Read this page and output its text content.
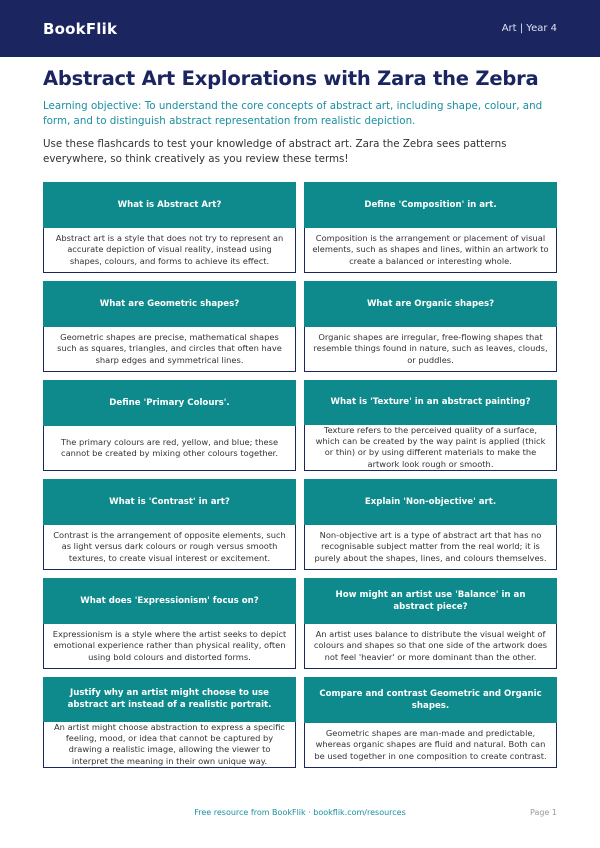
BookFlik	Art | Year 4
Abstract Art Explorations with Zara the Zebra

Learning objective: To understand the core concepts of abstract art, including shape, colour, and form, and to distinguish abstract representation from realistic depiction.

Use these flashcards to test your knowledge of abstract art. Zara the Zebra sees patterns everywhere, so think creatively as you review these terms!

What is Abstract Art?
Abstract art is a style that does not try to represent an accurate depiction of visual reality, instead using shapes, colours, and forms to achieve its effect.
Define 'Composition' in art.
Composition is the arrangement or placement of visual elements, such as shapes and lines, within an artwork to create a balanced or interesting whole.
What are Geometric shapes?
Geometric shapes are precise, mathematical shapes such as squares, triangles, and circles that often have sharp edges and symmetrical lines.
What are Organic shapes?
Organic shapes are irregular, free-flowing shapes that resemble things found in nature, such as leaves, clouds, or puddles.
Define 'Primary Colours'.
The primary colours are red, yellow, and blue; these cannot be created by mixing other colours together.
What is 'Texture' in an abstract painting?
Texture refers to the perceived quality of a surface, which can be created by the way paint is applied (thick or thin) or by using different materials to make the artwork look rough or smooth.
What is 'Contrast' in art?
Contrast is the arrangement of opposite elements, such as light versus dark colours or rough versus smooth textures, to create visual interest or excitement.
Explain 'Non-objective' art.
Non-objective art is a type of abstract art that has no recognisable subject matter from the real world; it is purely about the shapes, lines, and colours themselves.
What does 'Expressionism' focus on?
Expressionism is a style where the artist seeks to depict emotional experience rather than physical reality, often using bold colours and distorted forms.
How might an artist use 'Balance' in an abstract piece?
An artist uses balance to distribute the visual weight of colours and shapes so that one side of the artwork does not feel 'heavier' or more dominant than the other.
Justify why an artist might choose to use abstract art instead of a realistic portrait.
An artist might choose abstraction to express a specific feeling, mood, or idea that cannot be captured by drawing a realistic image, allowing the viewer to interpret the meaning in their own unique way.
Compare and contrast Geometric and Organic shapes.
Geometric shapes are man-made and predictable, whereas organic shapes are fluid and natural. Both can be used together in one composition to create contrast.
Free resource from BookFlik · bookflik.com/resources	Page 1
